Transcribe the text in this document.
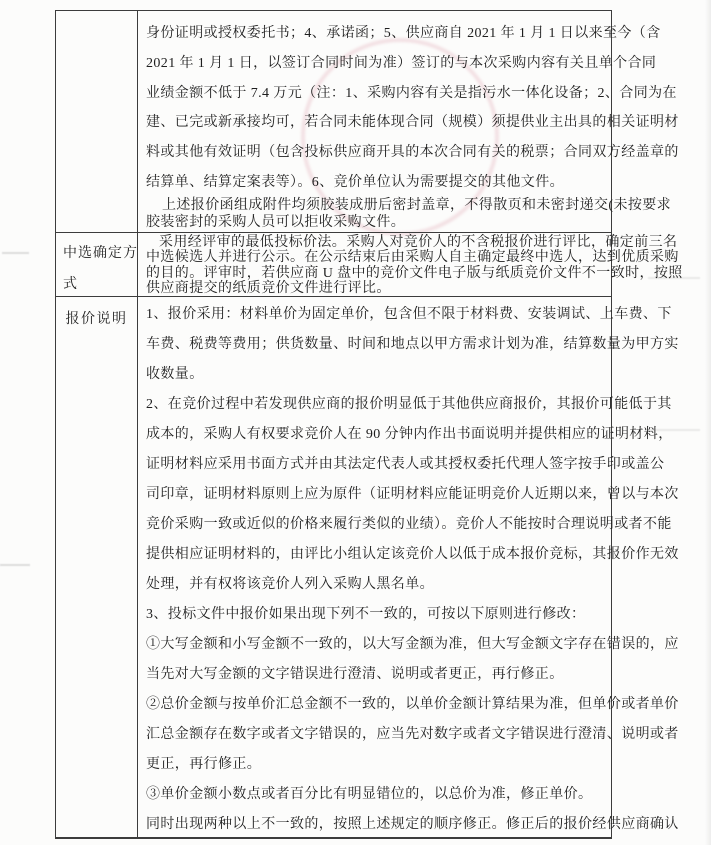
身份证明或授权委托书；4、承诺函；5、供应商自 2021 年 1 月 1 日以来至今（含
2021 年 1 月 1 日，以签订合同时间为准）签订的与本次采购内容有关且单个合同
业绩金额不低于 7.4 万元（注：1、采购内容有关是指污水一体化设备；2、合同为在
建、已完或新承接均可，若合同未能体现合同（规模）须提供业主出具的相关证明材
料或其他有效证明（包含投标供应商开具的本次合同有关的税票；合同双方经盖章的
结算单、结算定案表等）。6、竞价单位认为需要提交的其他文件。
上述报价函组成附件均须胶装成册后密封盖章，不得散页和未密封递交(未按要求
胶装密封的采购人员可以拒收采购文件。
中选确定方
式
采用经评审的最低投标价法。采购人对竞价人的不含税报价进行评比，确定前三名
中选候选人并进行公示。在公示结束后由采购人自主确定最终中选人，达到优质采购
的目的。评审时，若供应商 U 盘中的竞价文件电子版与纸质竞价文件不一致时，按照
供应商提交的纸质竞价文件进行评比。
报价说明	1、报价采用：材料单价为固定单价，包含但不限于材料费、安装调试、上车费、下
车费、税费等费用；供货数量、时间和地点以甲方需求计划为准，结算数量为甲方实
收数量。
2、在竞价过程中若发现供应商的报价明显低于其他供应商报价，其报价可能低于其
成本的，采购人有权要求竞价人在 90 分钟内作出书面说明并提供相应的证明材料，
证明材料应采用书面方式并由其法定代表人或其授权委托代理人签字按手印或盖公
司印章，证明材料原则上应为原件（证明材料应能证明竞价人近期以来，曾以与本次
竞价采购一致或近似的价格来履行类似的业绩）。竞价人不能按时合理说明或者不能
提供相应证明材料的，由评比小组认定该竞价人以低于成本报价竞标，其报价作无效
处理，并有权将该竞价人列入采购人黑名单。
3、投标文件中报价如果出现下列不一致的，可按以下原则进行修改：
①大写金额和小写金额不一致的，以大写金额为准，但大写金额文字存在错误的，应
当先对大写金额的文字错误进行澄清、说明或者更正，再行修正。
②总价金额与按单价汇总金额不一致的，以单价金额计算结果为准，但单价或者单价
汇总金额存在数字或者文字错误的，应当先对数字或者文字错误进行澄清、说明或者
更正，再行修正。
③单价金额小数点或者百分比有明显错位的，以总价为准，修正单价。
同时出现两种以上不一致的，按照上述规定的顺序修正。修正后的报价经供应商确认
